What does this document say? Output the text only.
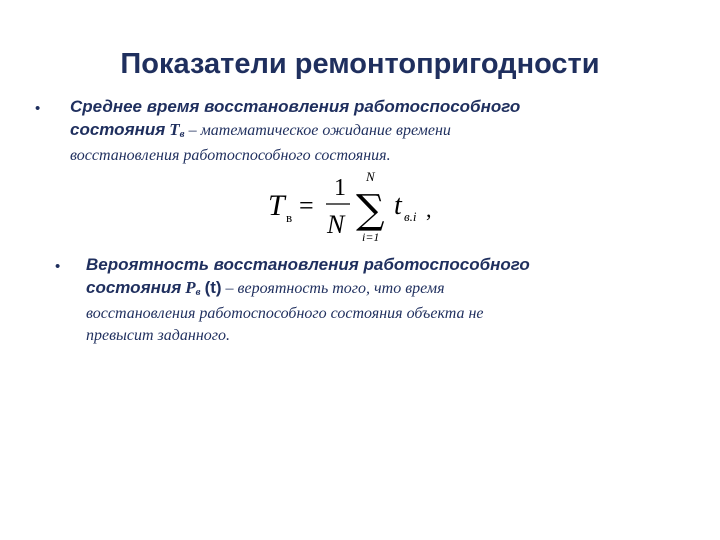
Показатели ремонтопригодности
• Среднее время восстановления работоспособного
состояния $T_в$ – математическое ожидание времени
восстановления работоспособного состояния.
T в =
1
N
N
∑
i=1
t в.i ,
• Вероятность восстановления работоспособного
состояния $P_в$ (t) – вероятность того, что время
восстановления работоспособного состояния объекта не
превысит заданного.
